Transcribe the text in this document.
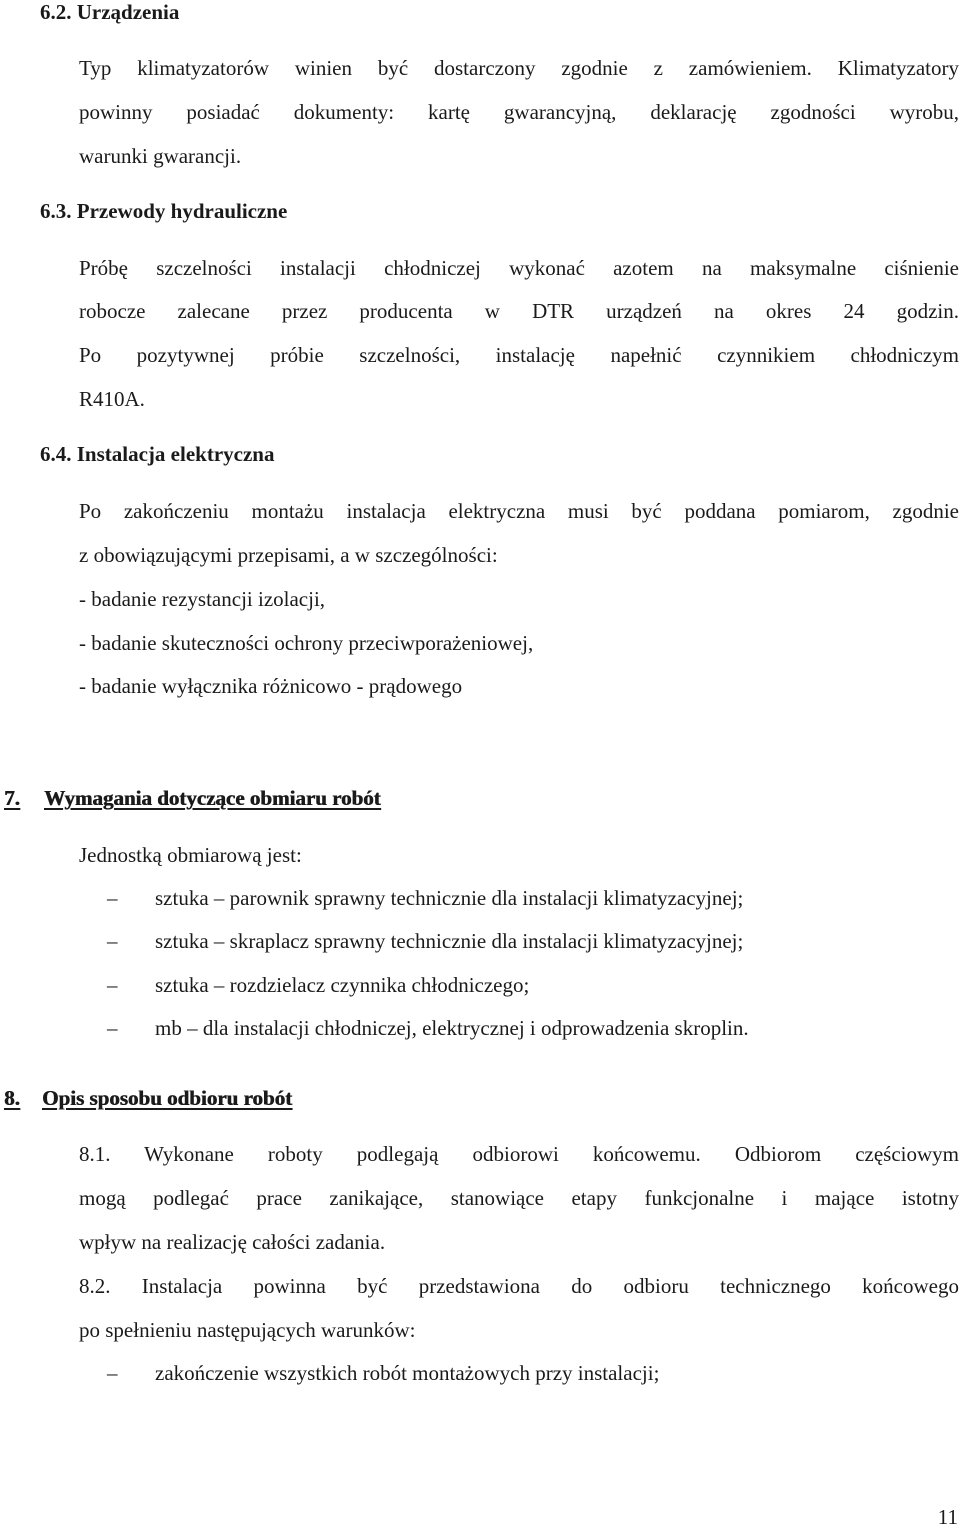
6.2. Urządzenia
Typ klimatyzatorów winien być dostarczony zgodnie z zamówieniem. Klimatyzatory
powinny posiadać dokumenty: kartę gwarancyjną, deklarację zgodności wyrobu,
warunki gwarancji.
6.3. Przewody hydrauliczne
Próbę szczelności instalacji chłodniczej wykonać azotem na maksymalne ciśnienie
robocze zalecane przez producenta w DTR urządzeń na okres 24 godzin.
Po pozytywnej próbie szczelności, instalację napełnić czynnikiem chłodniczym
R410A.
6.4. Instalacja elektryczna
Po zakończeniu montażu instalacja elektryczna musi być poddana pomiarom, zgodnie
z obowiązującymi przepisami, a w szczególności:
- badanie rezystancji izolacji,
- badanie skuteczności ochrony przeciwporażeniowej,
- badanie wyłącznika różnicowo - prądowego
7. Wymagania dotyczące obmiaru robót
Jednostką obmiarową jest:
– sztuka – parownik sprawny technicznie dla instalacji klimatyzacyjnej;
– sztuka – skraplacz sprawny technicznie dla instalacji klimatyzacyjnej;
– sztuka – rozdzielacz czynnika chłodniczego;
– mb – dla instalacji chłodniczej, elektrycznej i odprowadzenia skroplin.
8. Opis sposobu odbioru robót
8.1. Wykonane roboty podlegają odbiorowi końcowemu. Odbiorom częściowym
mogą podlegać prace zanikające, stanowiące etapy funkcjonalne i mające istotny
wpływ na realizację całości zadania.
8.2. Instalacja powinna być przedstawiona do odbioru technicznego końcowego
po spełnieniu następujących warunków:
– zakończenie wszystkich robót montażowych przy instalacji;
11
